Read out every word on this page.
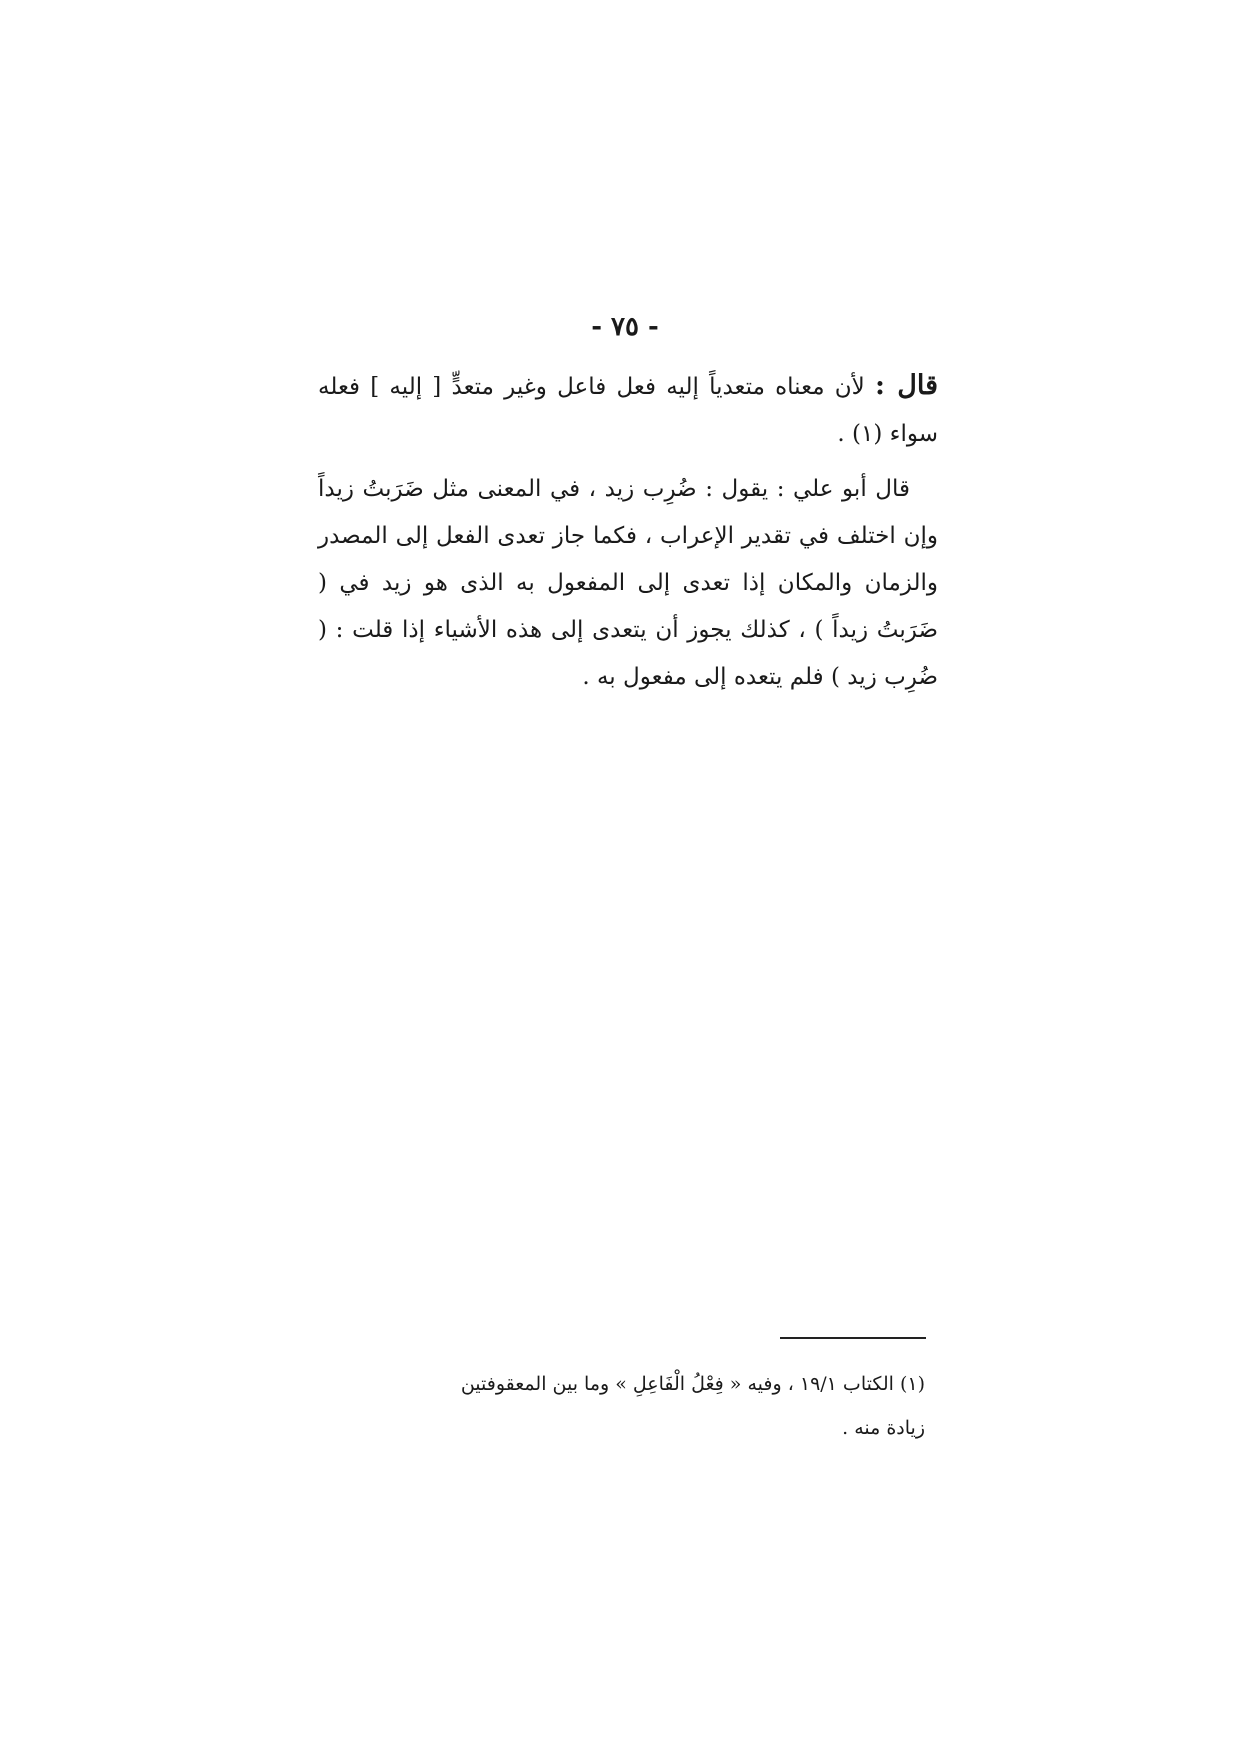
- ٧٥ -

قال : لأن معناه متعدياً إليه فعل فاعل وغير متعدٍّ [ إليه ] فعله سواء (١) .

قال أبو علي : يقول : ضُرِب زيد ، في المعنى مثل ضَرَبتُ زيداً وإن اختلف في تقدير الإعراب ، فكما جاز تعدى الفعل إلى المصدر والزمان والمكان إذا تعدى إلى المفعول به الذى هو زيد في ( ضَرَبتُ زيداً ) ، كذلك يجوز أن يتعدى إلى هذه الأشياء إذا قلت : ( ضُرِب زيد ) فلم يتعده إلى مفعول به .

(١) الكتاب ١٩/١ ، وفيه « فِعْلُ الْفَاعِلِ » وما بين المعقوفتين

زيادة منه .
